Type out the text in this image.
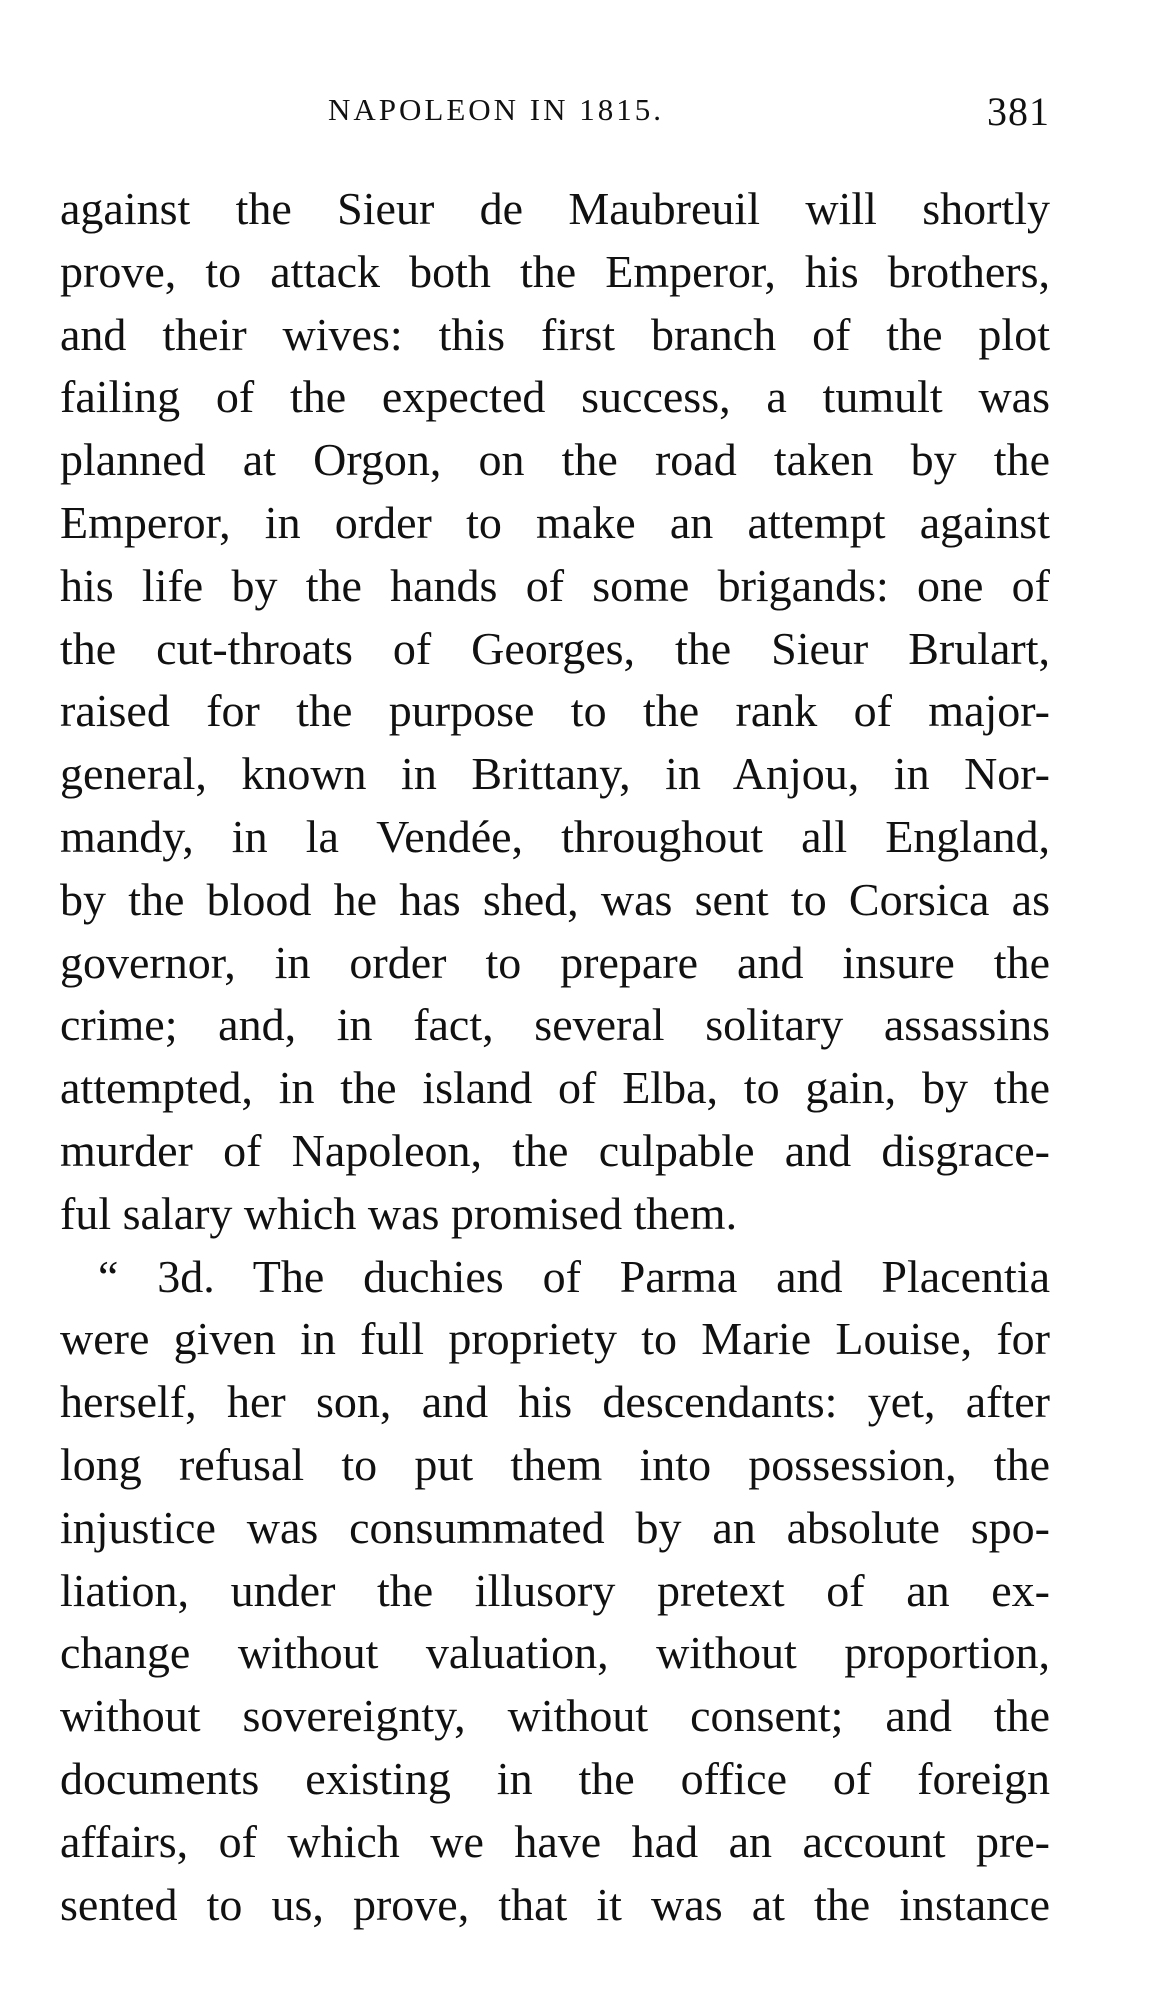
NAPOLEON IN 1815.	381
against the Sieur de Maubreuil will shortly
prove, to attack both the Emperor, his brothers,
and their wives: this first branch of the plot
failing of the expected success, a tumult was
planned at Orgon, on the road taken by the
Emperor, in order to make an attempt against
his life by the hands of some brigands: one of
the cut-throats of Georges, the Sieur Brulart,
raised for the purpose to the rank of major-
general, known in Brittany, in Anjou, in Nor-
mandy, in la Vendée, throughout all England,
by the blood he has shed, was sent to Corsica as
governor, in order to prepare and insure the
crime; and, in fact, several solitary assassins
attempted, in the island of Elba, to gain, by the
murder of Napoleon, the culpable and disgrace-
ful salary which was promised them.
“ 3d. The duchies of Parma and Placentia
were given in full propriety to Marie Louise, for
herself, her son, and his descendants: yet, after
long refusal to put them into possession, the
injustice was consummated by an absolute spo-
liation, under the illusory pretext of an ex-
change without valuation, without proportion,
without sovereignty, without consent; and the
documents existing in the office of foreign
affairs, of which we have had an account pre-
sented to us, prove, that it was at the instance
